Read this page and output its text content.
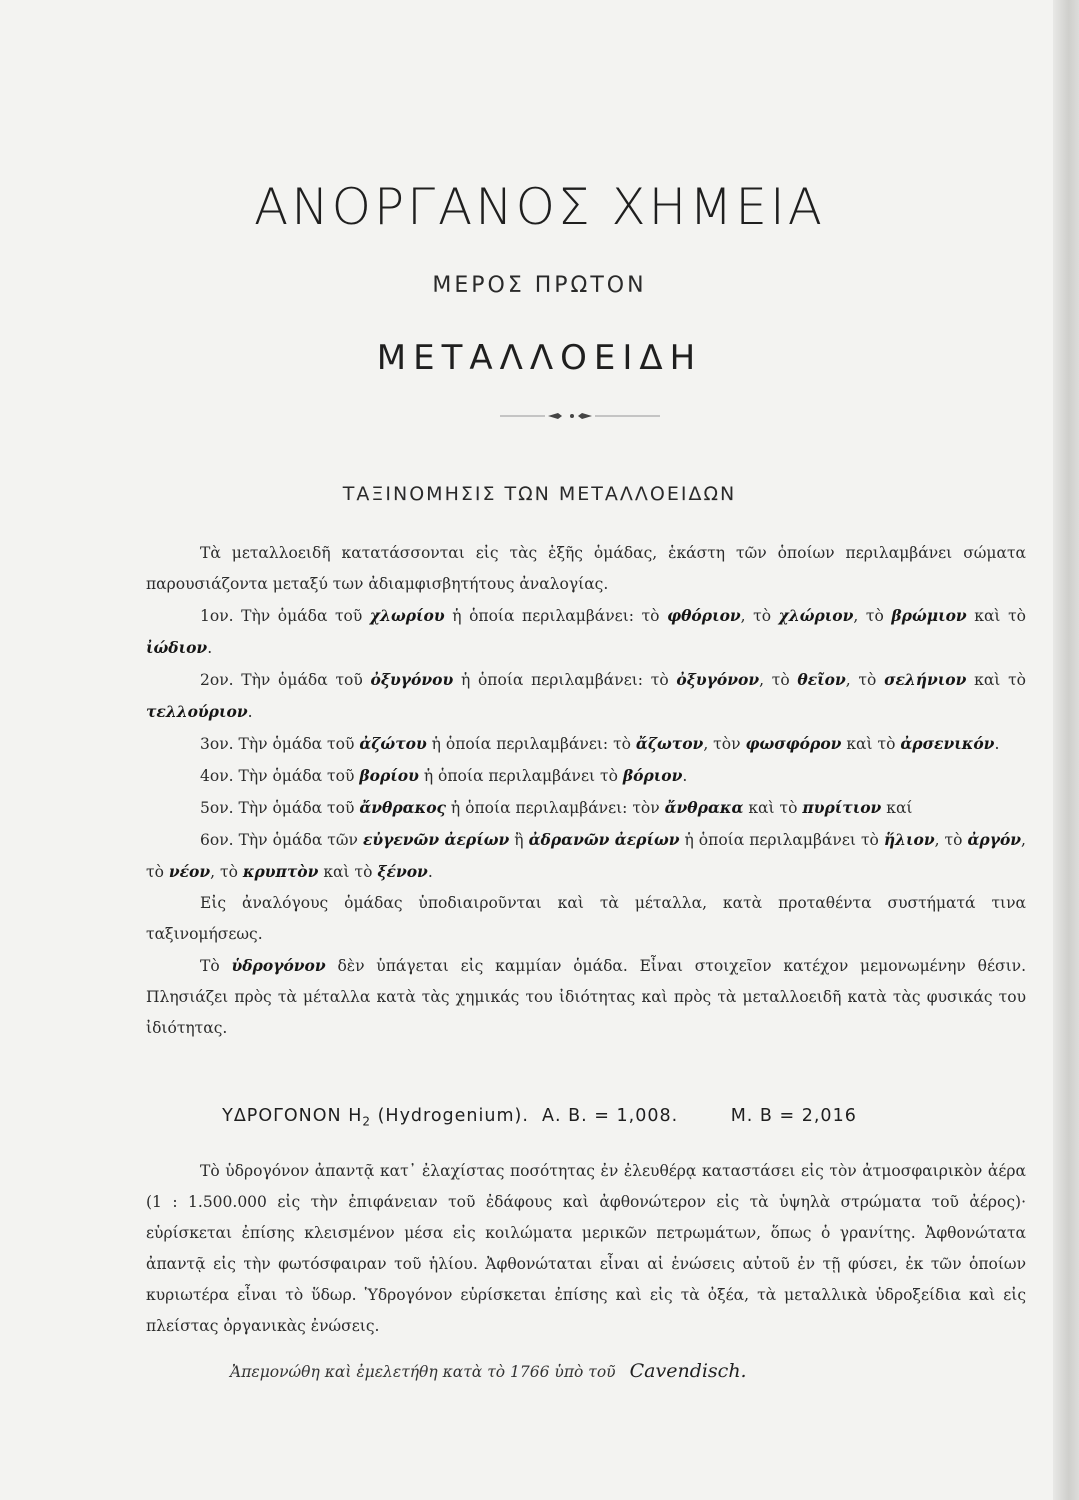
ΑΝΟΡΓΑΝΟΣ ΧΗΜΕΙΑ
ΜΕΡΟΣ ΠΡΩΤΟΝ
ΜΕΤΑΛΛΟΕΙΔΗ
ΤΑΞΙΝΟΜΗΣΙΣ ΤΩΝ ΜΕΤΑΛΛΟΕΙΔΩΝ

Τὰ μεταλλοειδῆ κατατάσσονται εἰς τὰς ἑξῆς ὁμάδας, ἑκάστη τῶν ὁποίων περιλαμβάνει σώματα παρουσιάζοντα μεταξύ των ἀδιαμφισβητήτους ἀναλογίας.

1ον. Τὴν ὁμάδα τοῦ χλωρίου ἡ ὁποία περιλαμβάνει: τὸ φθόριον, τὸ χλώριον, τὸ βρώμιον καὶ τὸ ἰώδιον.

2ον. Τὴν ὁμάδα τοῦ ὀξυγόνου ἡ ὁποία περιλαμβάνει: τὸ ὀξυγόνον, τὸ θεῖον, τὸ σελήνιον καὶ τὸ τελλούριον.

3ον. Τὴν ὁμάδα τοῦ ἀζώτου ἡ ὁποία περιλαμβάνει: τὸ ἄζωτον, τὸν φωσφόρον καὶ τὸ ἀρσενικόν.

4ον. Τὴν ὁμάδα τοῦ βορίου ἡ ὁποία περιλαμβάνει τὸ βόριον.

5ον. Τὴν ὁμάδα τοῦ ἄνθρακος ἡ ὁποία περιλαμβάνει: τὸν ἄνθρακα καὶ τὸ πυρίτιον καί

6ον. Τὴν ὁμάδα τῶν εὐγενῶν ἀερίων ἢ ἀδρανῶν ἀερίων ἡ ὁποία περιλαμβάνει τὸ ἥλιον, τὸ ἀργόν, τὸ νέον, τὸ κρυπτὸν καὶ τὸ ξένον.

Εἰς ἀναλόγους ὁμάδας ὑποδιαιροῦνται καὶ τὰ μέταλλα, κατὰ προταθέντα συστήματά τινα ταξινομήσεως.

Τὸ ὑδρογόνον δὲν ὑπάγεται εἰς καμμίαν ὁμάδα. Εἶναι στοιχεῖον κατέχον μεμονωμένην θέσιν. Πλησιάζει πρὸς τὰ μέταλλα κατὰ τὰς χημικάς του ἰδιότητας καὶ πρὸς τὰ μεταλλοειδῆ κατὰ τὰς φυσικάς του ἰδιότητας.

ΥΔΡΟΓΟΝΟΝ $H_2$ (Hydrogenium). Α. Β. = 1,008.	Μ. Β = 2,016

Τὸ ὑδρογόνον ἀπαντᾷ κατ᾽ ἐλαχίστας ποσότητας ἐν ἐλευθέρᾳ καταστάσει εἰς τὸν ἀτμοσφαιρικὸν ἀέρα (1 : 1.500.000 εἰς τὴν ἐπιφάνειαν τοῦ ἐδάφους καὶ ἀφθονώτερον εἰς τὰ ὑψηλὰ στρώματα τοῦ ἀέρος)· εὑρίσκεται ἐπίσης κλεισμένον μέσα εἰς κοιλώματα μερικῶν πετρωμάτων, ὅπως ὁ γρανίτης. Ἀφθονώτατα ἀπαντᾷ εἰς τὴν φωτόσφαιραν τοῦ ἡλίου. Ἀφθονώταται εἶναι αἱ ἑνώσεις αὐτοῦ ἐν τῇ φύσει, ἐκ τῶν ὁποίων κυριωτέρα εἶναι τὸ ὕδωρ. Ὑδρογόνον εὑρίσκεται ἐπίσης καὶ εἰς τὰ ὀξέα, τὰ μεταλλικὰ ὑδροξείδια καὶ εἰς πλείστας ὀργανικὰς ἐνώσεις.

Ἀπεμονώθη καὶ ἐμελετήθη κατὰ τὸ 1766 ὑπὸ τοῦ Cavendisch.
